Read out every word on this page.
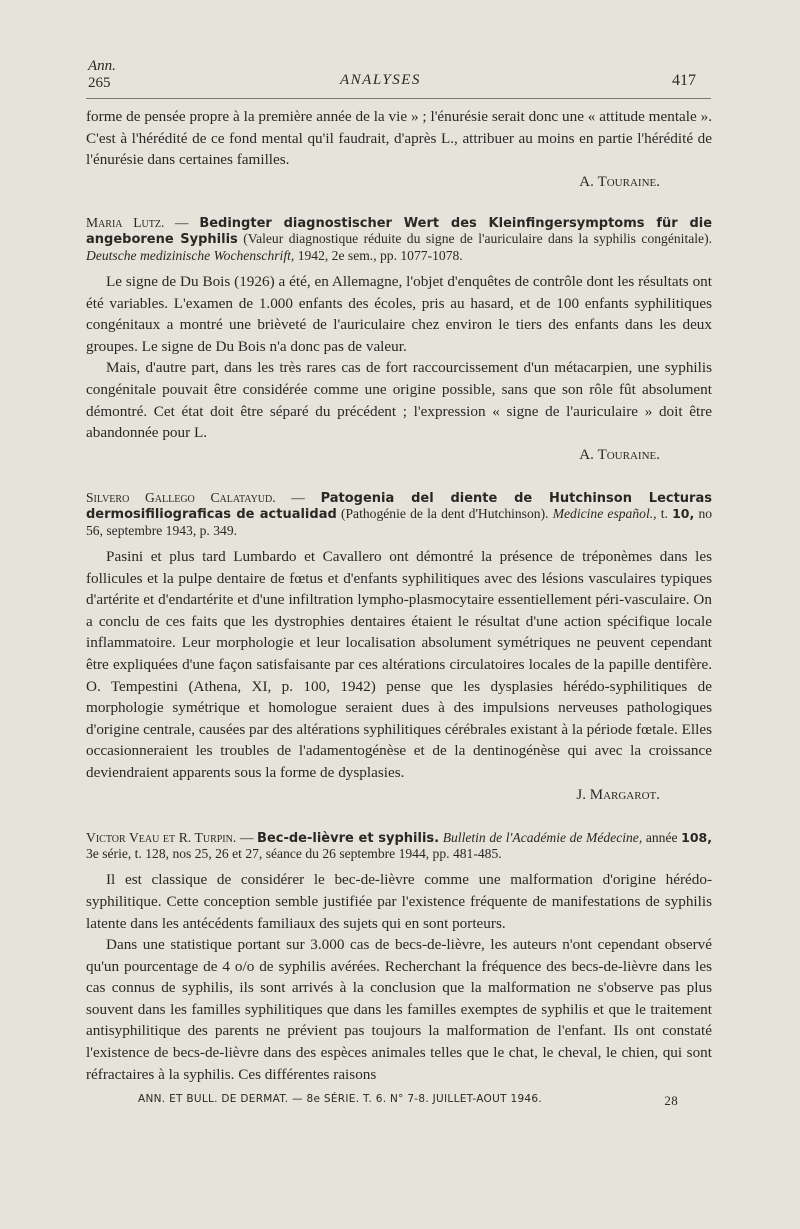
Ann.
265	ANALYSES	417

forme de pensée propre à la première année de la vie » ; l'énurésie serait donc une « attitude mentale ». C'est à l'hérédité de ce fond mental qu'il faudrait, d'après L., attribuer au moins en partie l'hérédité de l'énurésie dans certaines familles.

A. Touraine.
Maria Lutz. — Bedingter diagnostischer Wert des Kleinfingersymptoms für die angeborene Syphilis (Valeur diagnostique réduite du signe de l'auriculaire dans la syphilis congénitale). Deutsche medizinische Wochenschrift, 1942, 2e sem., pp. 1077-1078.

Le signe de Du Bois (1926) a été, en Allemagne, l'objet d'enquêtes de contrôle dont les résultats ont été variables. L'examen de 1.000 enfants des écoles, pris au hasard, et de 100 enfants syphilitiques congénitaux a montré une brièveté de l'auriculaire chez environ le tiers des enfants dans les deux groupes. Le signe de Du Bois n'a donc pas de valeur.

Mais, d'autre part, dans les très rares cas de fort raccourcissement d'un métacarpien, une syphilis congénitale pouvait être considérée comme une origine possible, sans que son rôle fût absolument démontré. Cet état doit être séparé du précédent ; l'expression « signe de l'auriculaire » doit être abandonnée pour L.

A. Touraine.
Silvero Gallego Calatayud. — Patogenia del diente de Hutchinson Lecturas dermosifiliograficas de actualidad (Pathogénie de la dent d'Hutchinson). Medicine español., t. 10, no 56, septembre 1943, p. 349.

Pasini et plus tard Lumbardo et Cavallero ont démontré la présence de tréponèmes dans les follicules et la pulpe dentaire de fœtus et d'enfants syphilitiques avec des lésions vasculaires typiques d'artérite et d'endartérite et d'une infiltration lympho-plasmocytaire essentiellement péri-vasculaire. On a conclu de ces faits que les dystrophies dentaires étaient le résultat d'une action spécifique locale inflammatoire. Leur morphologie et leur localisation absolument symétriques ne peuvent cependant être expliquées d'une façon satisfaisante par ces altérations circulatoires locales de la papille dentifère. O. Tempestini (Athena, XI, p. 100, 1942) pense que les dysplasies hérédo-syphilitiques de morphologie symétrique et homologue seraient dues à des impulsions nerveuses pathologiques d'origine centrale, causées par des altérations syphilitiques cérébrales existant à la période fœtale. Elles occasionneraient les troubles de l'adamentogénèse et de la dentinogénèse qui avec la croissance deviendraient apparents sous la forme de dysplasies.

J. Margarot.
Victor Veau et R. Turpin. — Bec-de-lièvre et syphilis. Bulletin de l'Académie de Médecine, année 108, 3e série, t. 128, nos 25, 26 et 27, séance du 26 septembre 1944, pp. 481-485.

Il est classique de considérer le bec-de-lièvre comme une malformation d'origine hérédo-syphilitique. Cette conception semble justifiée par l'existence fréquente de manifestations de syphilis latente dans les antécédents familiaux des sujets qui en sont porteurs.

Dans une statistique portant sur 3.000 cas de becs-de-lièvre, les auteurs n'ont cependant observé qu'un pourcentage de 4 o/o de syphilis avérées. Recherchant la fréquence des becs-de-lièvre dans les cas connus de syphilis, ils sont arrivés à la conclusion que la malformation ne s'observe pas plus souvent dans les familles syphilitiques que dans les familles exemptes de syphilis et que le traitement antisyphilitique des parents ne prévient pas toujours la malformation de l'enfant. Ils ont constaté l'existence de becs-de-lièvre dans des espèces animales telles que le chat, le cheval, le chien, qui sont réfractaires à la syphilis. Ces différentes raisons

ANN. ET BULL. DE DERMAT. — 8e SÉRIE. T. 6. N° 7-8. JUILLET-AOUT 1946.	28
